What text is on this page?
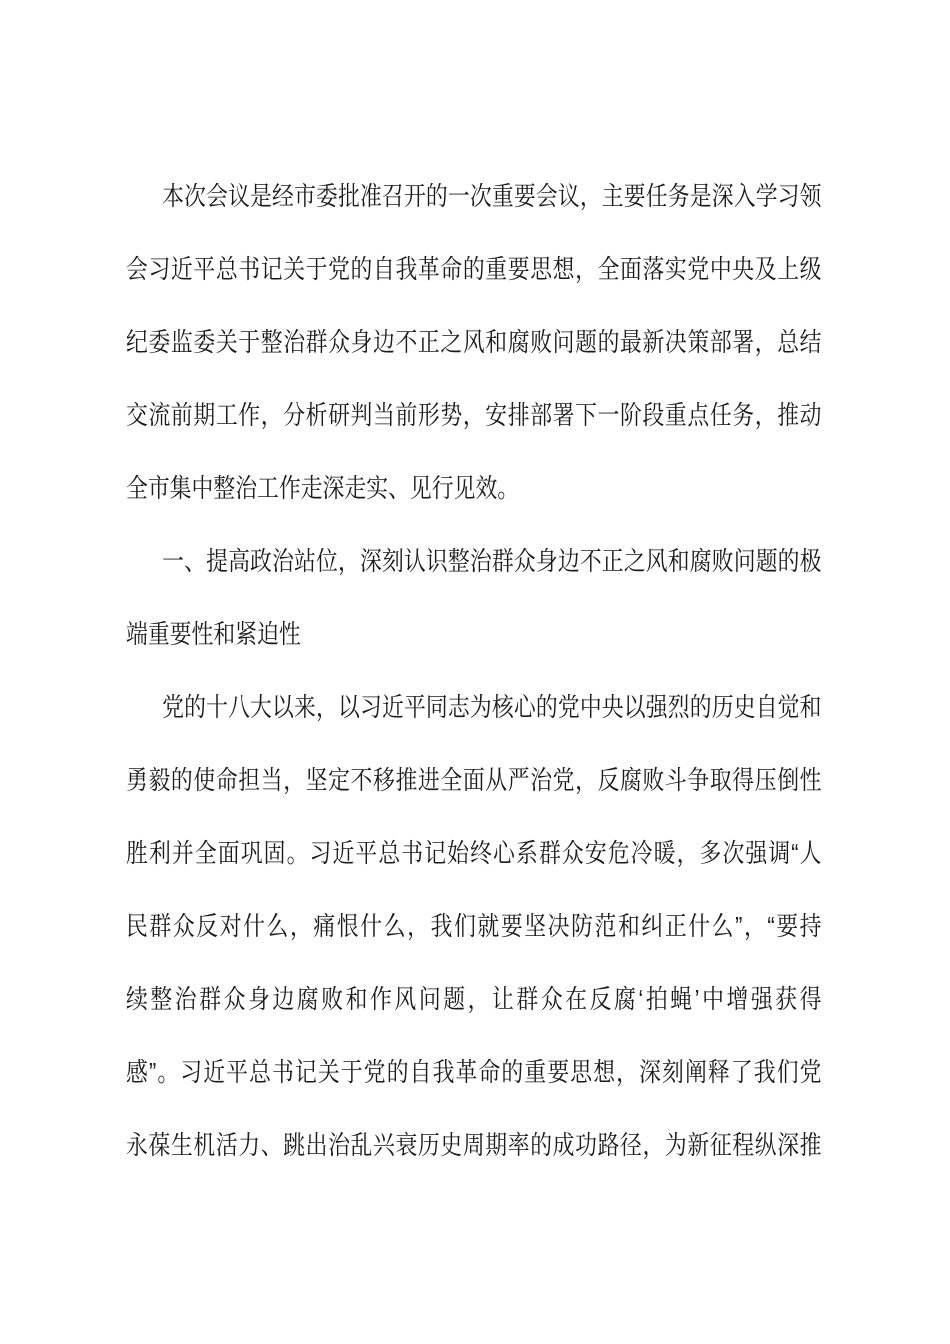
本次会议是经市委批准召开的一次重要会议，主要任务是深入学习领
会习近平总书记关于党的自我革命的重要思想，全面落实党中央及上级
纪委监委关于整治群众身边不正之风和腐败问题的最新决策部署，总结
交流前期工作，分析研判当前形势，安排部署下一阶段重点任务，推动
全市集中整治工作走深走实、见行见效。
一、提高政治站位，深刻认识整治群众身边不正之风和腐败问题的极
端重要性和紧迫性
党的十八大以来，以习近平同志为核心的党中央以强烈的历史自觉和
勇毅的使命担当，坚定不移推进全面从严治党，反腐败斗争取得压倒性
胜利并全面巩固。习近平总书记始终心系群众安危冷暖，多次强调“人
民群众反对什么，痛恨什么，我们就要坚决防范和纠正什么”，“要持
续整治群众身边腐败和作风问题，让群众在反腐‘拍蝇’中增强获得
感”。习近平总书记关于党的自我革命的重要思想，深刻阐释了我们党
永葆生机活力、跳出治乱兴衰历史周期率的成功路径，为新征程纵深推
